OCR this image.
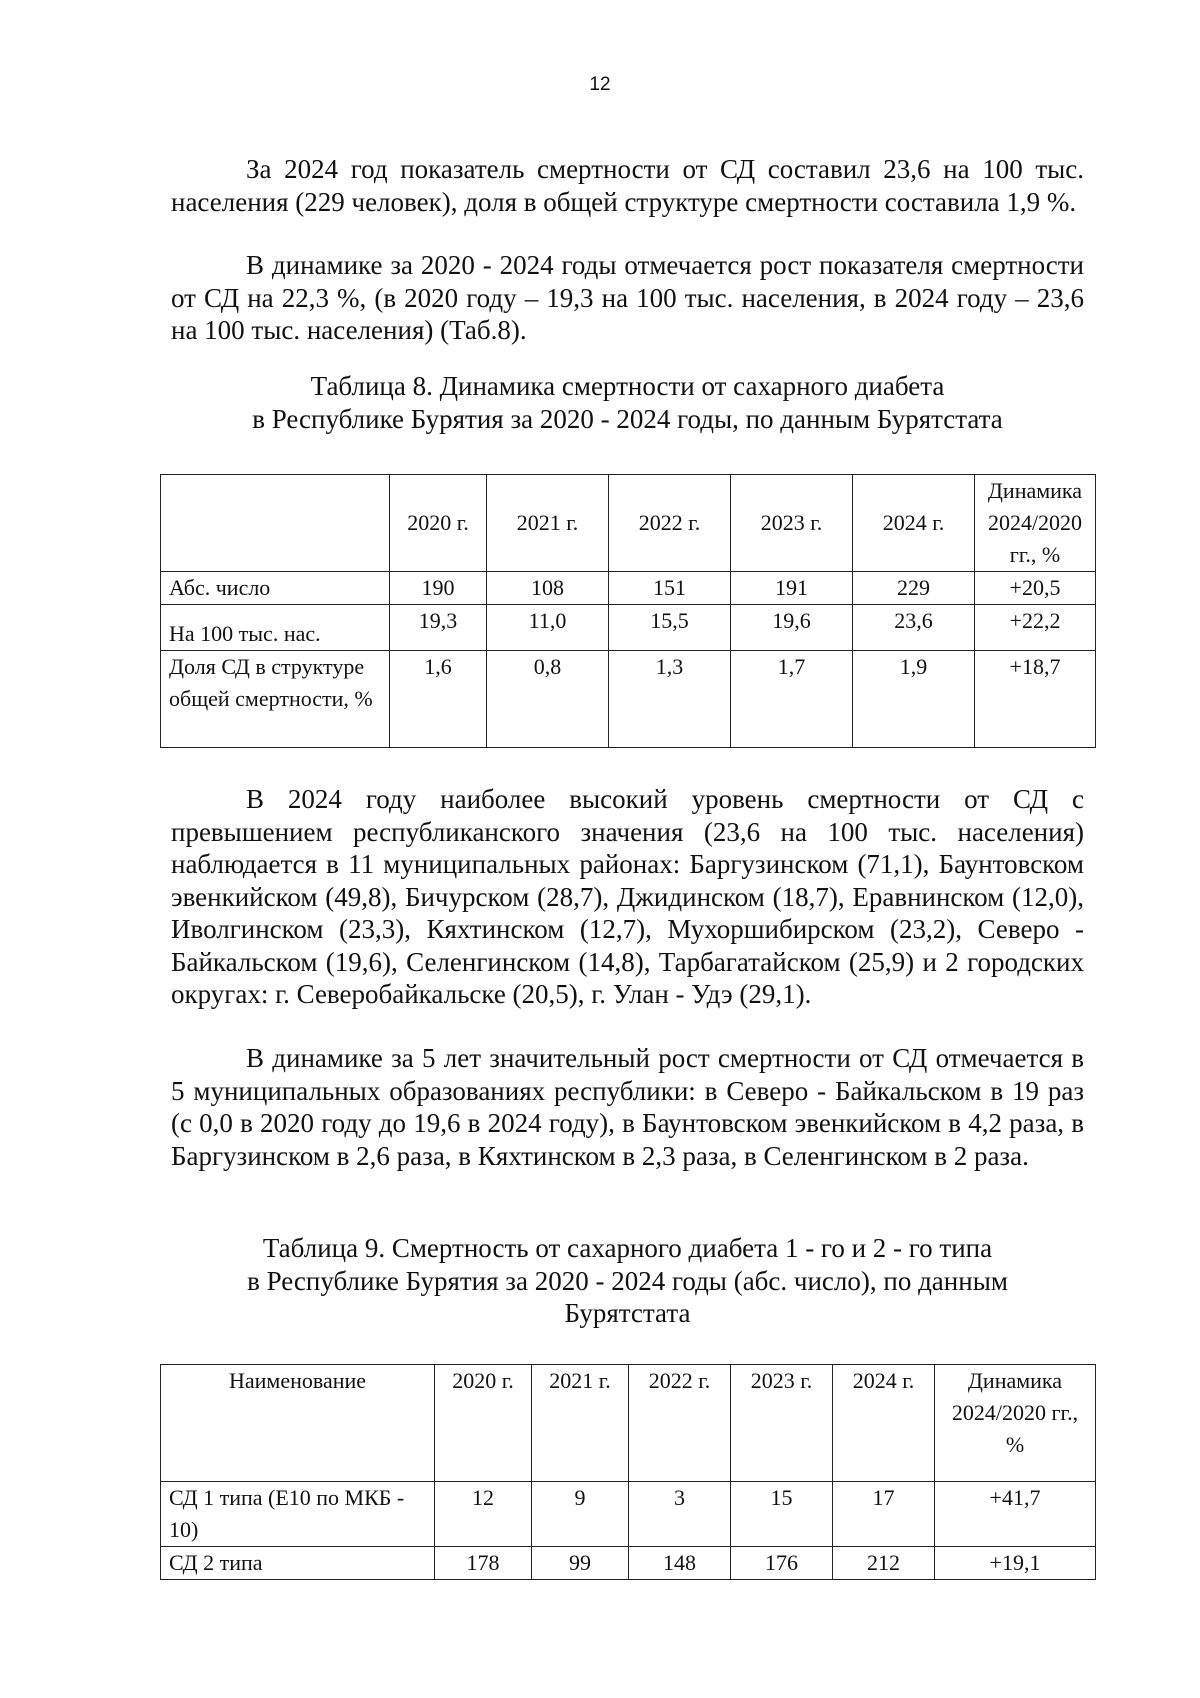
12

За 2024 год показатель смертности от СД составил 23,6 на 100 тыс. населения (229 человек), доля в общей структуре смертности составила 1,9 %.

В динамике за 2020 - 2024 годы отмечается рост показателя смертности от СД на 22,3 %, (в 2020 году – 19,3 на 100 тыс. населения, в 2024 году – 23,6 на 100 тыс. населения) (Таб.8).

Таблица 8. Динамика смертности от сахарного диабета
в Республике Бурятия за 2020 - 2024 годы, по данным Бурятстата

	2020 г.	2021 г.	2022 г.	2023 г.	2024 г.	Динамика 2024/2020 гг., %
Абс. число	190	108	151	191	229	+20,5
На 100 тыс. нас.	19,3	11,0	15,5	19,6	23,6	+22,2
Доля СД в структуре общей смертности, %	1,6	0,8	1,3	1,7	1,9	+18,7

В 2024 году наиболее высокий уровень смертности от СД с превышением республиканского значения (23,6 на 100 тыс. населения) наблюдается в 11 муниципальных районах: Баргузинском (71,1), Баунтовском эвенкийском (49,8), Бичурском (28,7), Джидинском (18,7), Еравнинском (12,0), Иволгинском (23,3), Кяхтинском (12,7), Мухоршибирском (23,2), Северо - Байкальском (19,6), Селенгинском (14,8), Тарбагатайском (25,9) и 2 городских округах: г. Северобайкальске (20,5), г. Улан - Удэ (29,1).

В динамике за 5 лет значительный рост смертности от СД отмечается в 5 муниципальных образованиях республики: в Северо - Байкальском в 19 раз (с 0,0 в 2020 году до 19,6 в 2024 году), в Баунтовском эвенкийском в 4,2 раза, в Баргузинском в 2,6 раза, в Кяхтинском в 2,3 раза, в Селенгинском в 2 раза.

Таблица 9. Смертность от сахарного диабета 1 - го и 2 - го типа
в Республике Бурятия за 2020 - 2024 годы (абс. число), по данным
Бурятстата

Наименование	2020 г.	2021 г.	2022 г.	2023 г.	2024 г.	Динамика 2024/2020 гг., %
СД 1 типа (Е10 по МКБ - 10)	12	9	3	15	17	+41,7
СД 2 типа	178	99	148	176	212	+19,1
